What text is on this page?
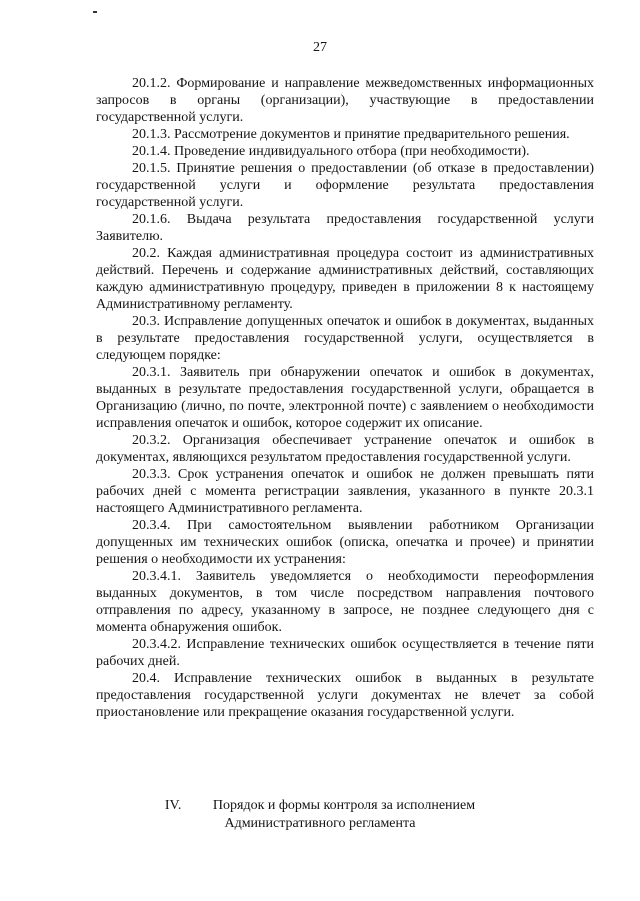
27

20.1.2. Формирование и направление межведомственных информационных запросов в органы (организации), участвующие в предоставлении государственной услуги.

20.1.3. Рассмотрение документов и принятие предварительного решения.

20.1.4. Проведение индивидуального отбора (при необходимости).

20.1.5. Принятие решения о предоставлении (об отказе в предоставлении) государственной услуги и оформление результата предоставления государственной услуги.

20.1.6. Выдача результата предоставления государственной услуги Заявителю.

20.2. Каждая административная процедура состоит из административных действий. Перечень и содержание административных действий, составляющих каждую административную процедуру, приведен в приложении 8 к настоящему Административному регламенту.

20.3. Исправление допущенных опечаток и ошибок в документах, выданных в результате предоставления государственной услуги, осуществляется в следующем порядке:

20.3.1. Заявитель при обнаружении опечаток и ошибок в документах, выданных в результате предоставления государственной услуги, обращается в Организацию (лично, по почте, электронной почте) с заявлением о необходимости исправления опечаток и ошибок, которое содержит их описание.

20.3.2. Организация обеспечивает устранение опечаток и ошибок в документах, являющихся результатом предоставления государственной услуги.

20.3.3. Срок устранения опечаток и ошибок не должен превышать пяти рабочих дней с момента регистрации заявления, указанного в пункте 20.3.1 настоящего Административного регламента.

20.3.4. При самостоятельном выявлении работником Организации допущенных им технических ошибок (описка, опечатка и прочее) и принятии решения о необходимости их устранения:

20.3.4.1. Заявитель уведомляется о необходимости переоформления выданных документов, в том числе посредством направления почтового отправления по адресу, указанному в запросе, не позднее следующего дня с момента обнаружения ошибок.

20.3.4.2. Исправление технических ошибок осуществляется в течение пяти рабочих дней.

20.4. Исправление технических ошибок в выданных в результате предоставления государственной услуги документах не влечет за собой приостановление или прекращение оказания государственной услуги.

IV. Порядок и формы контроля за исполнением
Административного регламента
